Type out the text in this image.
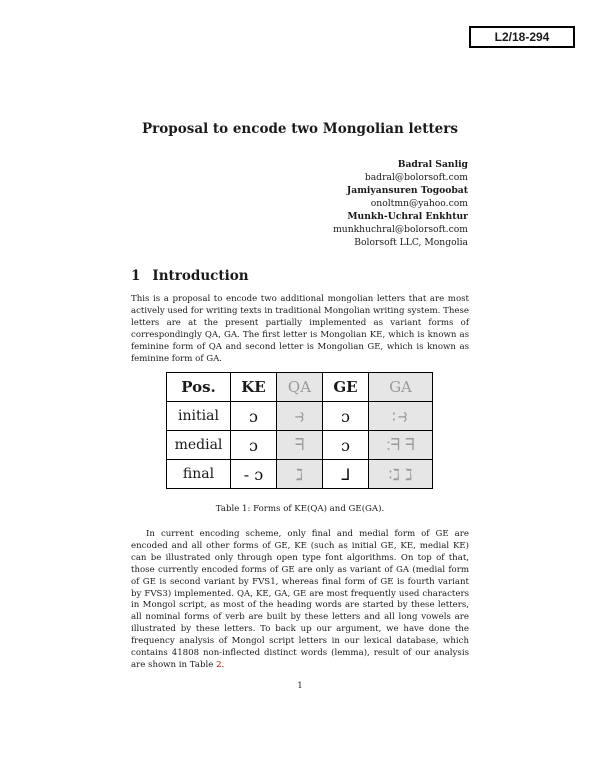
L2/18-294
Proposal to encode two Mongolian letters
Badral Sanlig
badral@bolorsoft.com
Jamiyansuren Togoobat
onoltmn@yahoo.com
Munkh-Uchral Enkhtur
munkhuchral@bolorsoft.com
Bolorsoft LLC, Mongolia
1 Introduction

This is a proposal to encode two additional mongolian letters that are most actively used for writing texts in traditional Mongolian writing system. These letters are at the present partially implemented as variant forms of correspondingly QA, GA. The first letter is Mongolian KE, which is known as feminine form of QA and second letter is Mongolian GE, which is known as feminine form of GA.

Pos.	KE	QA	GE	GA
initial	ɔ	⥽	ɔ	∶⥽
medial	ɔ	ᖷ	ɔ	∶ᖷ ᖷ
final	- ɔ	ℷ	ᒧ	∶ℷ ℷ
Table 1: Forms of KE(QA) and GE(GA).

In current encoding scheme, only final and medial form of GE are encoded and all other forms of GE, KE (such as initial GE, KE, medial KE) can be illustrated only through open type font algorithms. On top of that, those currently encoded forms of GE are only as variant of GA (medial form of GE is second variant by FVS1, whereas final form of GE is fourth variant by FVS3) implemented. QA, KE, GA, GE are most frequently used characters in Mongol script, as most of the heading words are started by these letters, all nominal forms of verb are built by these letters and all long vowels are illustrated by these letters. To back up our argument, we have done the frequency analysis of Mongol script letters in our lexical database, which contains 41808 non-inflected distinct words (lemma), result of our analysis are shown in Table 2.

1
